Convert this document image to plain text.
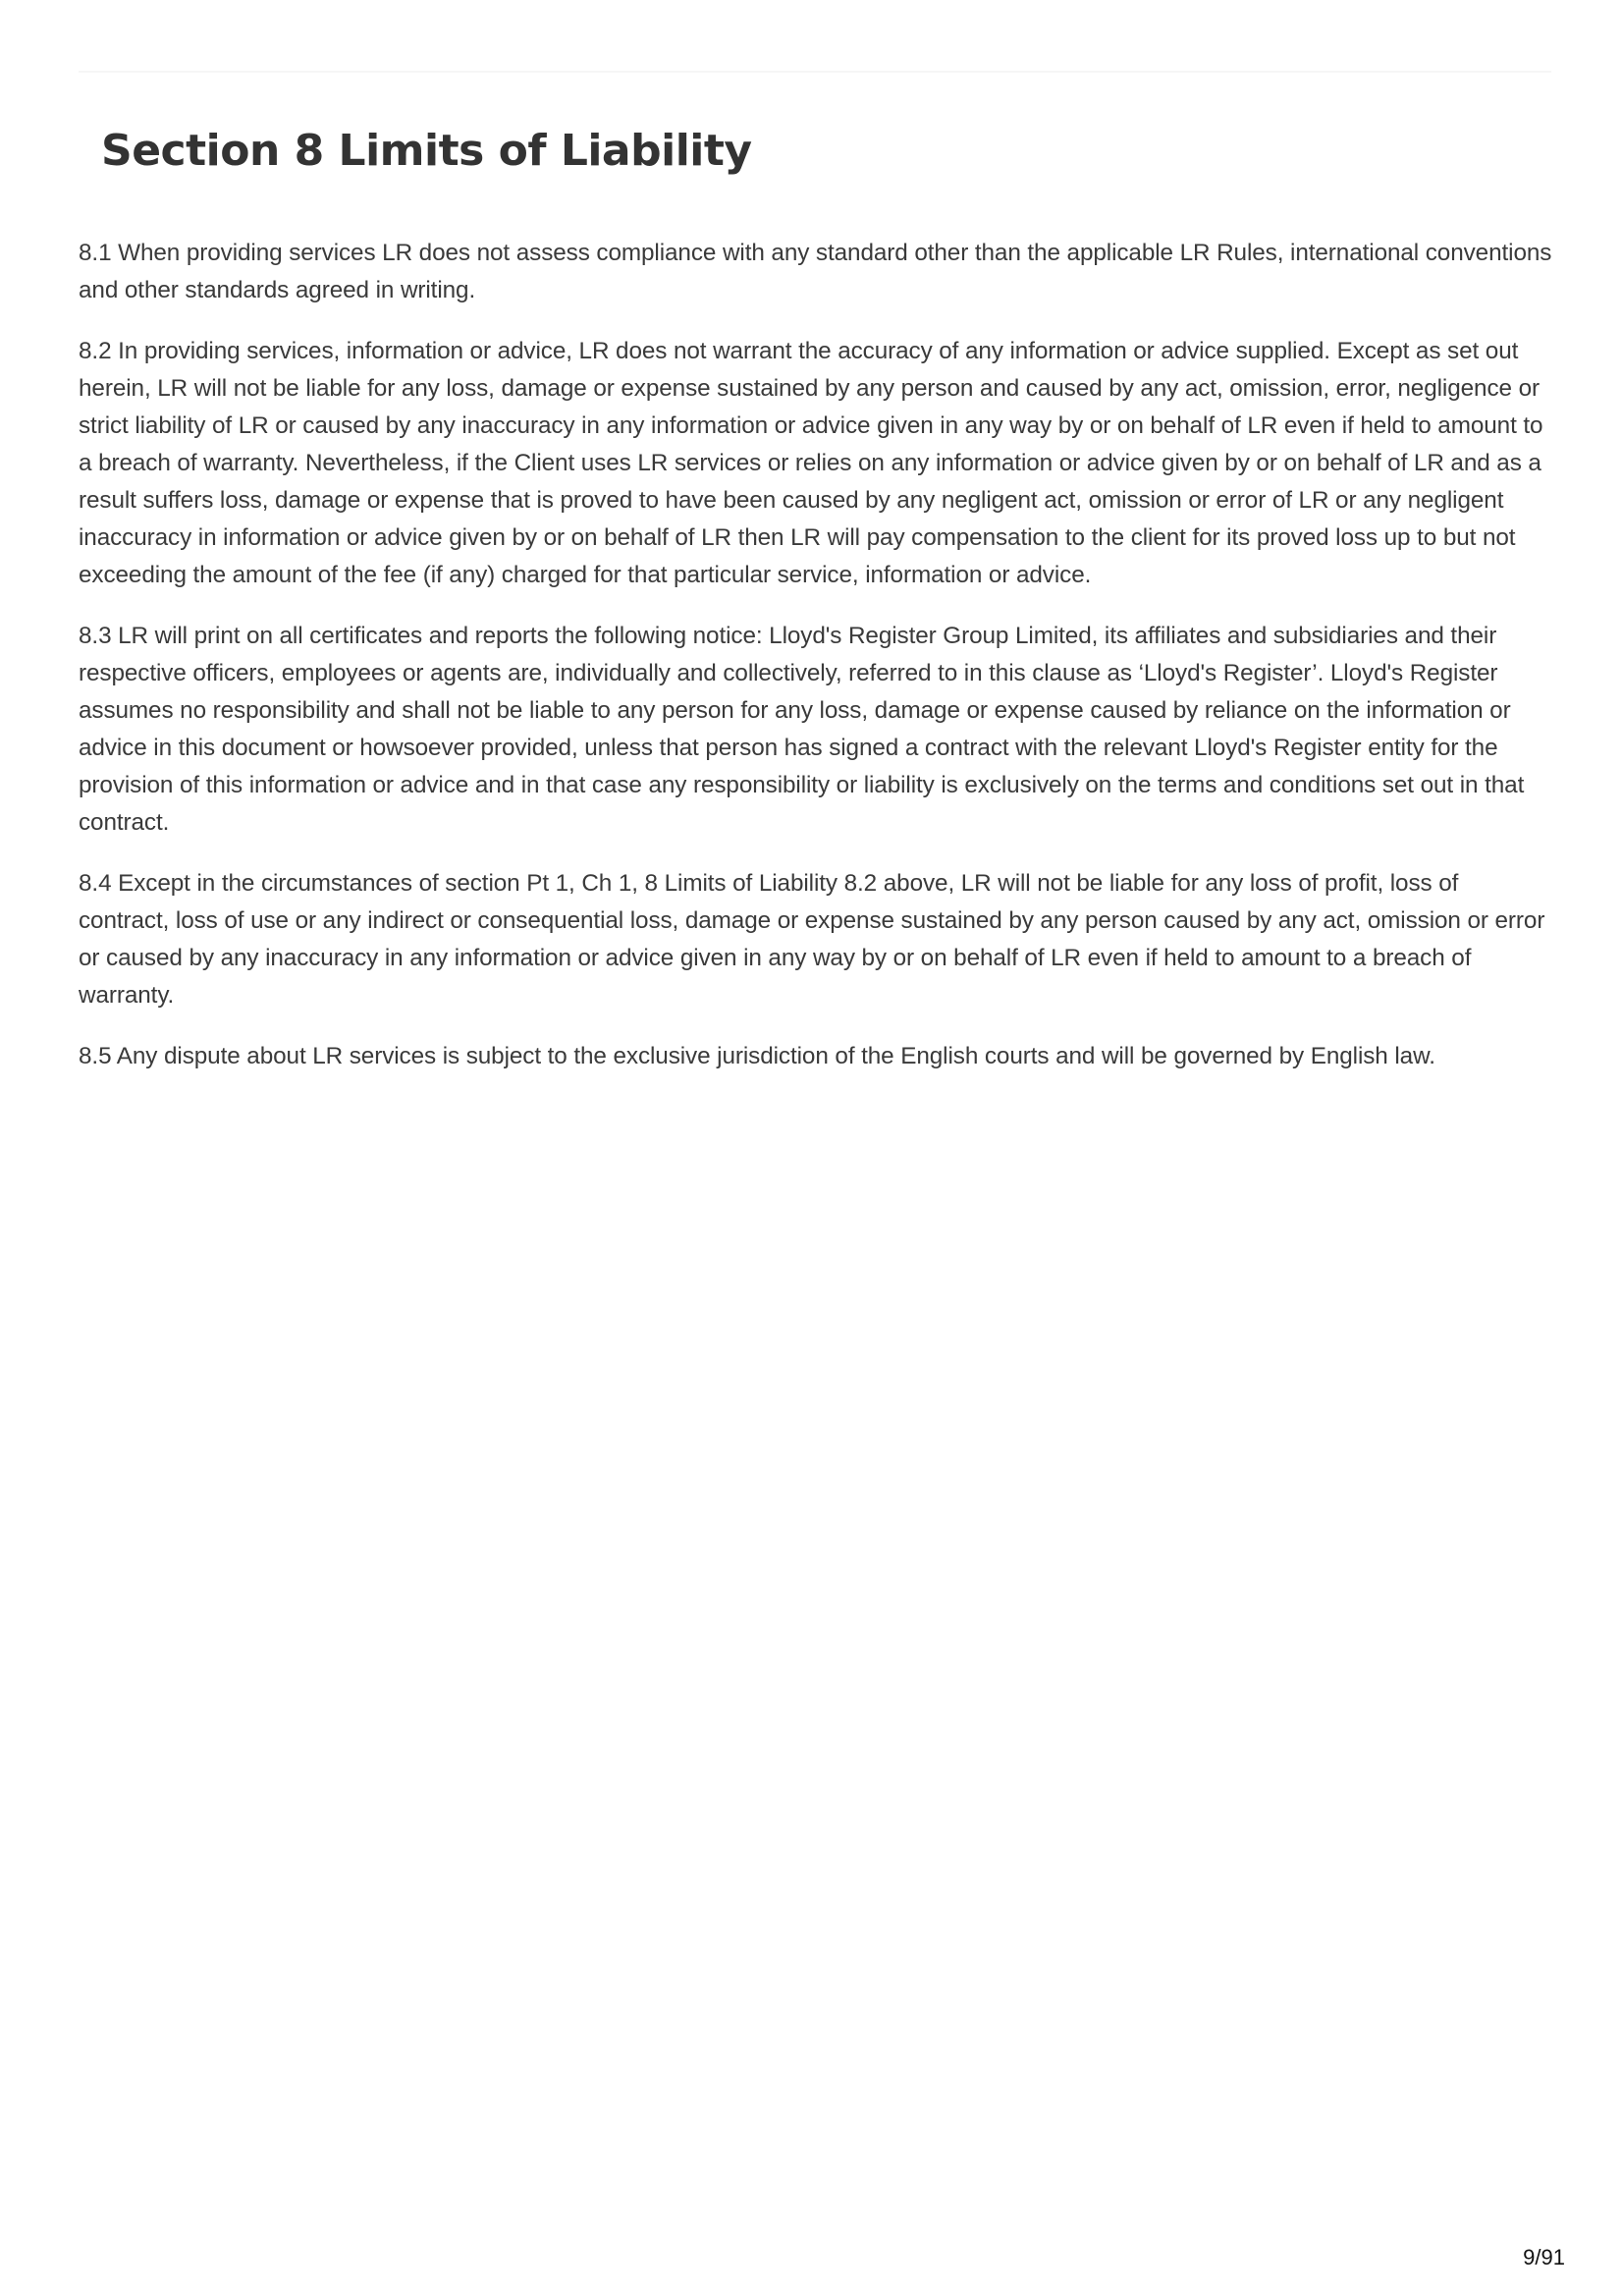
Section 8 Limits of Liability

8.1 When providing services LR does not assess compliance with any standard other than the applicable LR Rules, international conventions and other standards agreed in writing.

8.2 In providing services, information or advice, LR does not warrant the accuracy of any information or advice supplied. Except as set out herein, LR will not be liable for any loss, damage or expense sustained by any person and caused by any act, omission, error, negligence or strict liability of LR or caused by any inaccuracy in any information or advice given in any way by or on behalf of LR even if held to amount to a breach of warranty. Nevertheless, if the Client uses LR services or relies on any information or advice given by or on behalf of LR and as a result suffers loss, damage or expense that is proved to have been caused by any negligent act, omission or error of LR or any negligent inaccuracy in information or advice given by or on behalf of LR then LR will pay compensation to the client for its proved loss up to but not exceeding the amount of the fee (if any) charged for that particular service, information or advice.

8.3 LR will print on all certificates and reports the following notice: Lloyd's Register Group Limited, its affiliates and subsidiaries and their respective officers, employees or agents are, individually and collectively, referred to in this clause as ‘Lloyd's Register’. Lloyd's Register assumes no responsibility and shall not be liable to any person for any loss, damage or expense caused by reliance on the information or advice in this document or howsoever provided, unless that person has signed a contract with the relevant Lloyd's Register entity for the provision of this information or advice and in that case any responsibility or liability is exclusively on the terms and conditions set out in that contract.

8.4 Except in the circumstances of section Pt 1, Ch 1, 8 Limits of Liability 8.2 above, LR will not be liable for any loss of profit, loss of contract, loss of use or any indirect or consequential loss, damage or expense sustained by any person caused by any act, omission or error or caused by any inaccuracy in any information or advice given in any way by or on behalf of LR even if held to amount to a breach of warranty.

8.5 Any dispute about LR services is subject to the exclusive jurisdiction of the English courts and will be governed by English law.

9/91
